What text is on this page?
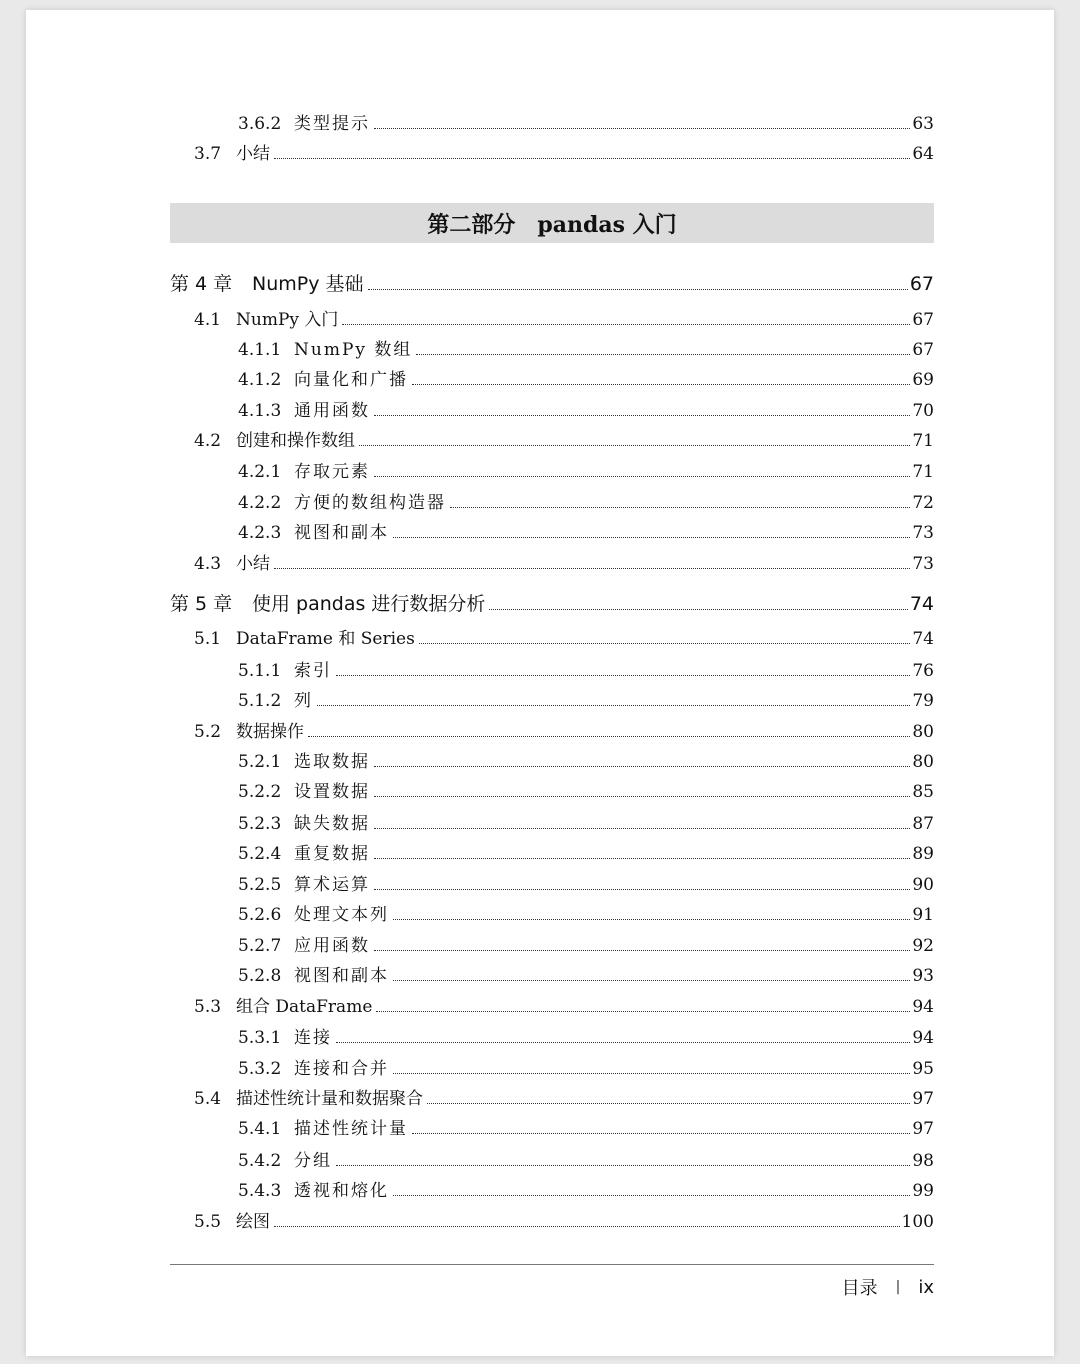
3.6.2 类型提示	63
3.7 小结	64
第 4 章	NumPy 基础	67
4.1 NumPy 入门	67
4.1.1 NumPy 数组	67
4.1.2 向量化和广播	69
4.1.3 通用函数	70
4.2 创建和操作数组	71
4.2.1 存取元素	71
4.2.2 方便的数组构造器	72
4.2.3 视图和副本	73
4.3 小结	73
第 5 章	使用 pandas 进行数据分析	74
5.1 DataFrame 和 Series	74
5.1.1 索引	76
5.1.2 列	79
5.2 数据操作	80
5.2.1 选取数据	80
5.2.2 设置数据	85
5.2.3 缺失数据	87
5.2.4 重复数据	89
5.2.5 算术运算	90
5.2.6 处理文本列	91
5.2.7 应用函数	92
5.2.8 视图和副本	93
5.3 组合 DataFrame	94
5.3.1 连接	94
5.3.2 连接和合并	95
5.4 描述性统计量和数据聚合	97
5.4.1 描述性统计量	97
5.4.2 分组	98
5.4.3 透视和熔化	99
5.5 绘图	100
第二部分　pandas 入门
目录 | ix
